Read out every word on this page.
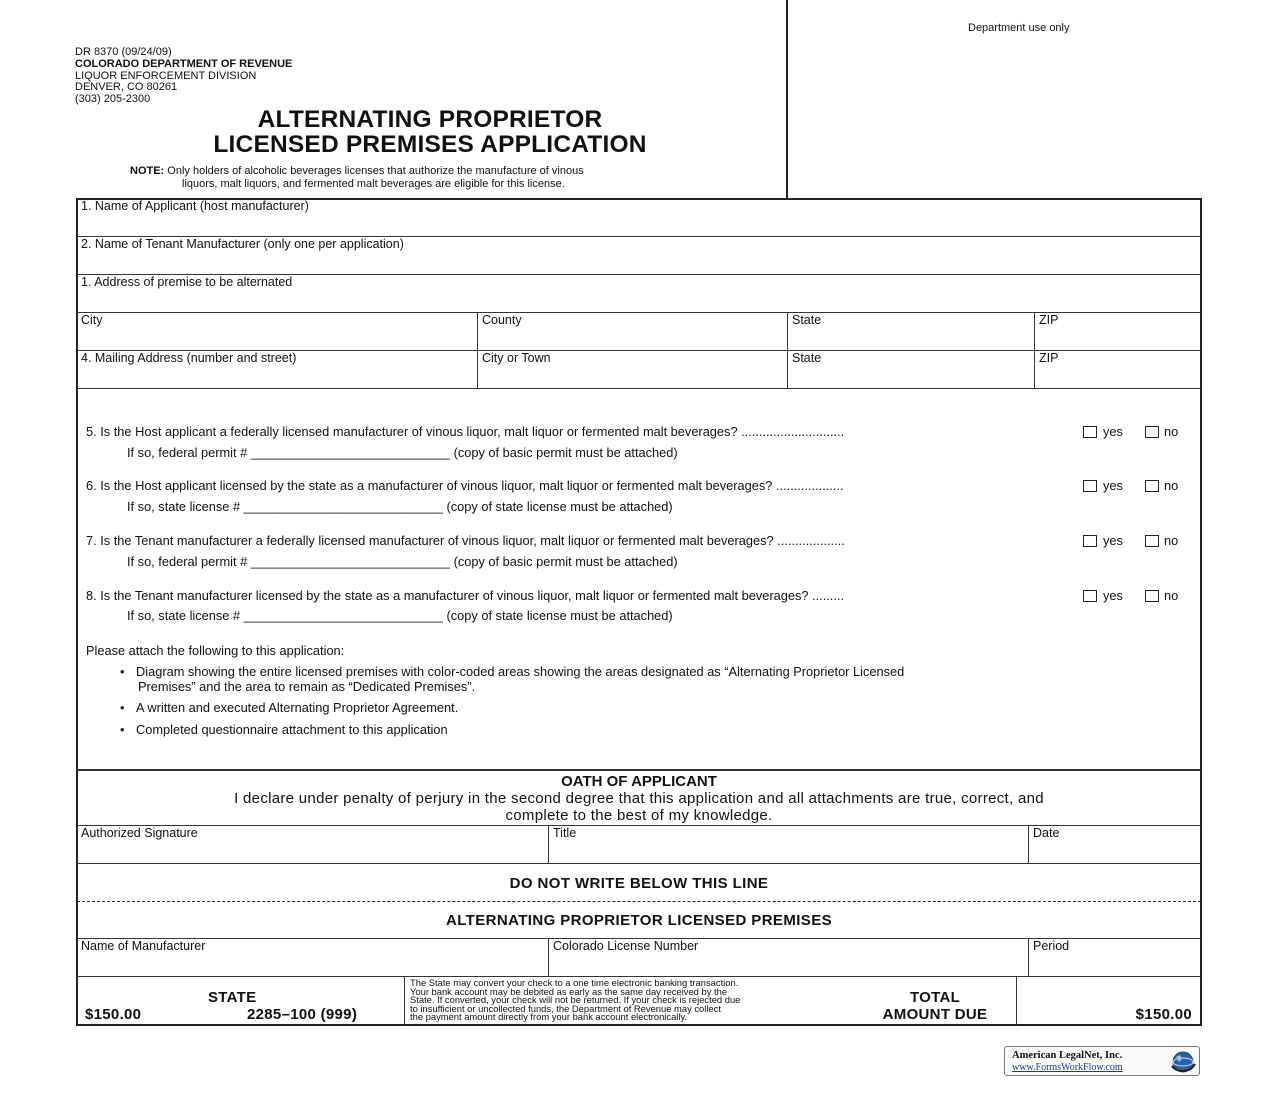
Department use only
DR 8370 (09/24/09)
COLORADO DEPARTMENT OF REVENUE
LIQUOR ENFORCEMENT DIVISION
DENVER, CO 80261
(303) 205-2300
ALTERNATING PROPRIETOR
LICENSED PREMISES APPLICATION
NOTE: Only holders of alcoholic beverages licenses that authorize the manufacture of vinous
liquors, malt liquors, and fermented malt beverages are eligible for this license.
1. Name of Applicant (host manufacturer)
2. Name of Tenant Manufacturer (only one per application)
1. Address of premise to be alternated
City	County	State	ZIP
4. Mailing Address (number and street)	City or Town	State	ZIP
5. Is the Host applicant a federally licensed manufacturer of vinous liquor, malt liquor or fermented malt beverages? .............................	yes	no
If so, federal permit # ____________________________ (copy of basic permit must be attached)
6. Is the Host applicant licensed by the state as a manufacturer of vinous liquor, malt liquor or fermented malt beverages? ...................	yes	no
If so, state license # ____________________________ (copy of state license must be attached)
7. Is the Tenant manufacturer a federally licensed manufacturer of vinous liquor, malt liquor or fermented malt beverages? ...................	yes	no
If so, federal permit # ____________________________ (copy of basic permit must be attached)
8. Is the Tenant manufacturer licensed by the state as a manufacturer of vinous liquor, malt liquor or fermented malt beverages? .........	yes	no
If so, state license # ____________________________ (copy of state license must be attached)
Please attach the following to this application:
• Diagram showing the entire licensed premises with color-coded areas showing the areas designated as “Alternating Proprietor Licensed
Premises” and the area to remain as “Dedicated Premises”.
• A written and executed Alternating Proprietor Agreement.
• Completed questionnaire attachment to this application
OATH OF APPLICANT
I declare under penalty of perjury in the second degree that this application and all attachments are true, correct, and
complete to the best of my knowledge.
Authorized Signature	Title	Date
DO NOT WRITE BELOW THIS LINE
ALTERNATING PROPRIETOR LICENSED PREMISES
Name of Manufacturer	Colorado License Number	Period
STATE
$150.00	2285–100 (999)
The State may convert your check to a one time electronic banking transaction.
Your bank account may be debited as early as the same day received by the
State. If converted, your check will not be returned. If your check is rejected due
to insufficient or uncollected funds, the Department of Revenue may collect
the payment amount directly from your bank account electronically.
TOTAL
AMOUNT DUE	$150.00
American LegalNet, Inc.
www.FormsWorkFlow.com
